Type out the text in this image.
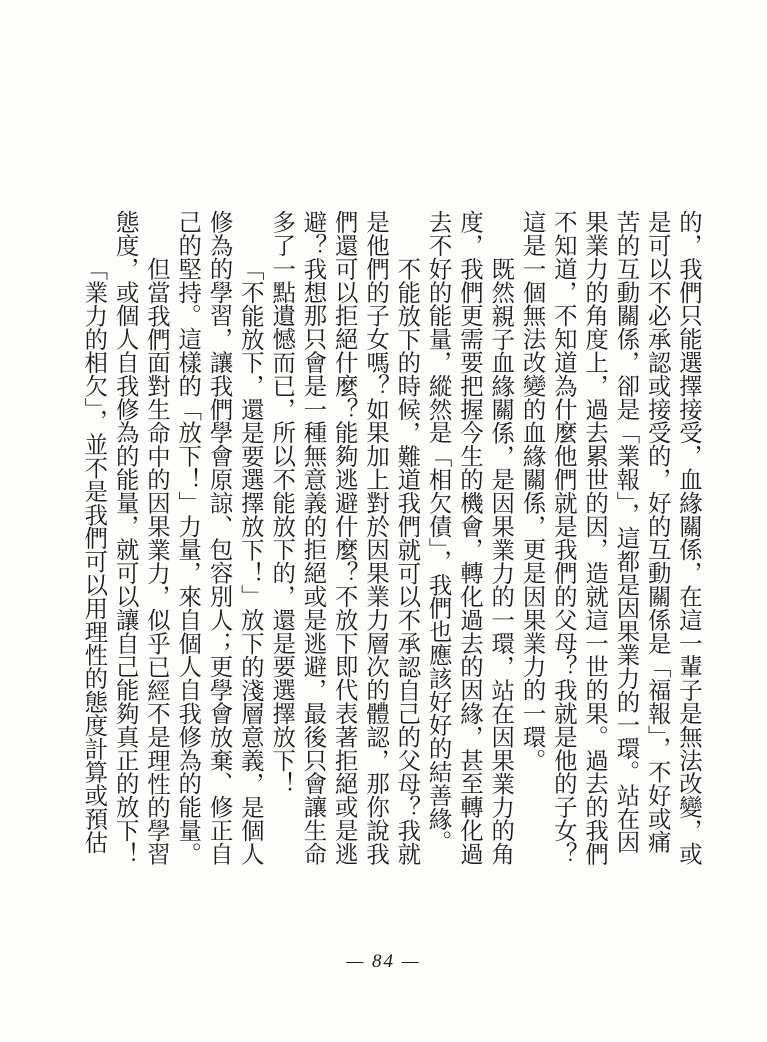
的，我們只能選擇接受，血緣關係，在這一輩子是無法改變，或是可以不必承認或接受的，好的互動關係是「福報」，不好或痛苦的互動關係，卻是「業報」，這都是因果業力的一環。站在因果業力的角度上，過去累世的因，造就這一世的果。過去的我們不知道，不知道為什麼他們就是我們的父母？我就是他的子女？這是一個無法改變的血緣關係，更是因果業力的一環。

既然親子血緣關係，是因果業力的一環，站在因果業力的角度，我們更需要把握今生的機會，轉化過去的因緣，甚至轉化過去不好的能量，縱然是「相欠債」，我們也應該好好的結善緣。

不能放下的時候，難道我們就可以不承認自己的父母？我就是他們的子女嗎？如果加上對於因果業力層次的體認，那你說我們還可以拒絕什麼？能夠逃避什麼？不放下即代表著拒絕或是逃避？我想那只會是一種無意義的拒絕或是逃避，最後只會讓生命多了一點遺憾而已，所以不能放下的，還是要選擇放下！

「不能放下，還是要選擇放下！」放下的淺層意義，是個人修為的學習，讓我們學會原諒、包容別人；更學會放棄、修正自己的堅持。這樣的「放下！」力量，來自個人自我修為的能量。

但當我們面對生命中的因果業力，似乎已經不是理性的學習態度，或個人自我修為的能量，就可以讓自己能夠真正的放下！

「業力的相欠」，並不是我們可以用理性的態度計算或預估

— 84 —
